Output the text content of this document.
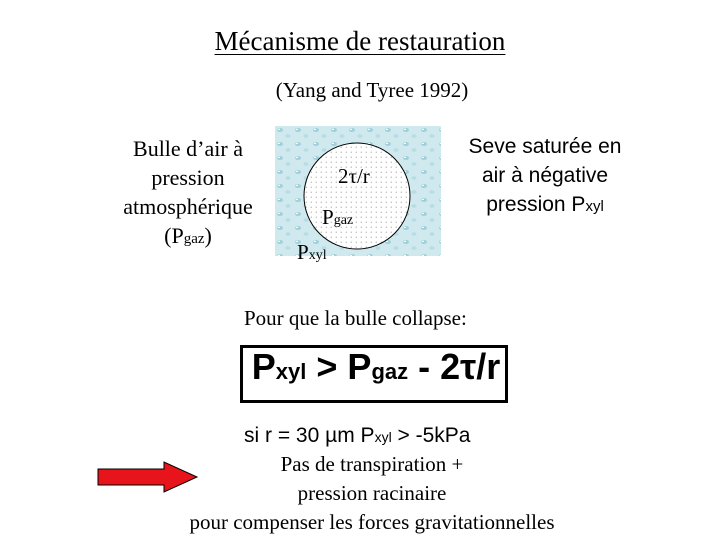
Mécanisme de restauration
(Yang and Tyree 1992)
Bulle d’air à
pression
atmosphérique
(Pgaz)
Seve saturée en
air à négative
pression Pxyl
2τ/r
Pgaz
Pxyl
Pour que la bulle collapse:
Pxyl > Pgaz - 2τ/r
si r = 30 µm Pxyl > -5kPa
Pas de transpiration +
pression racinaire
pour compenser les forces gravitationnelles
